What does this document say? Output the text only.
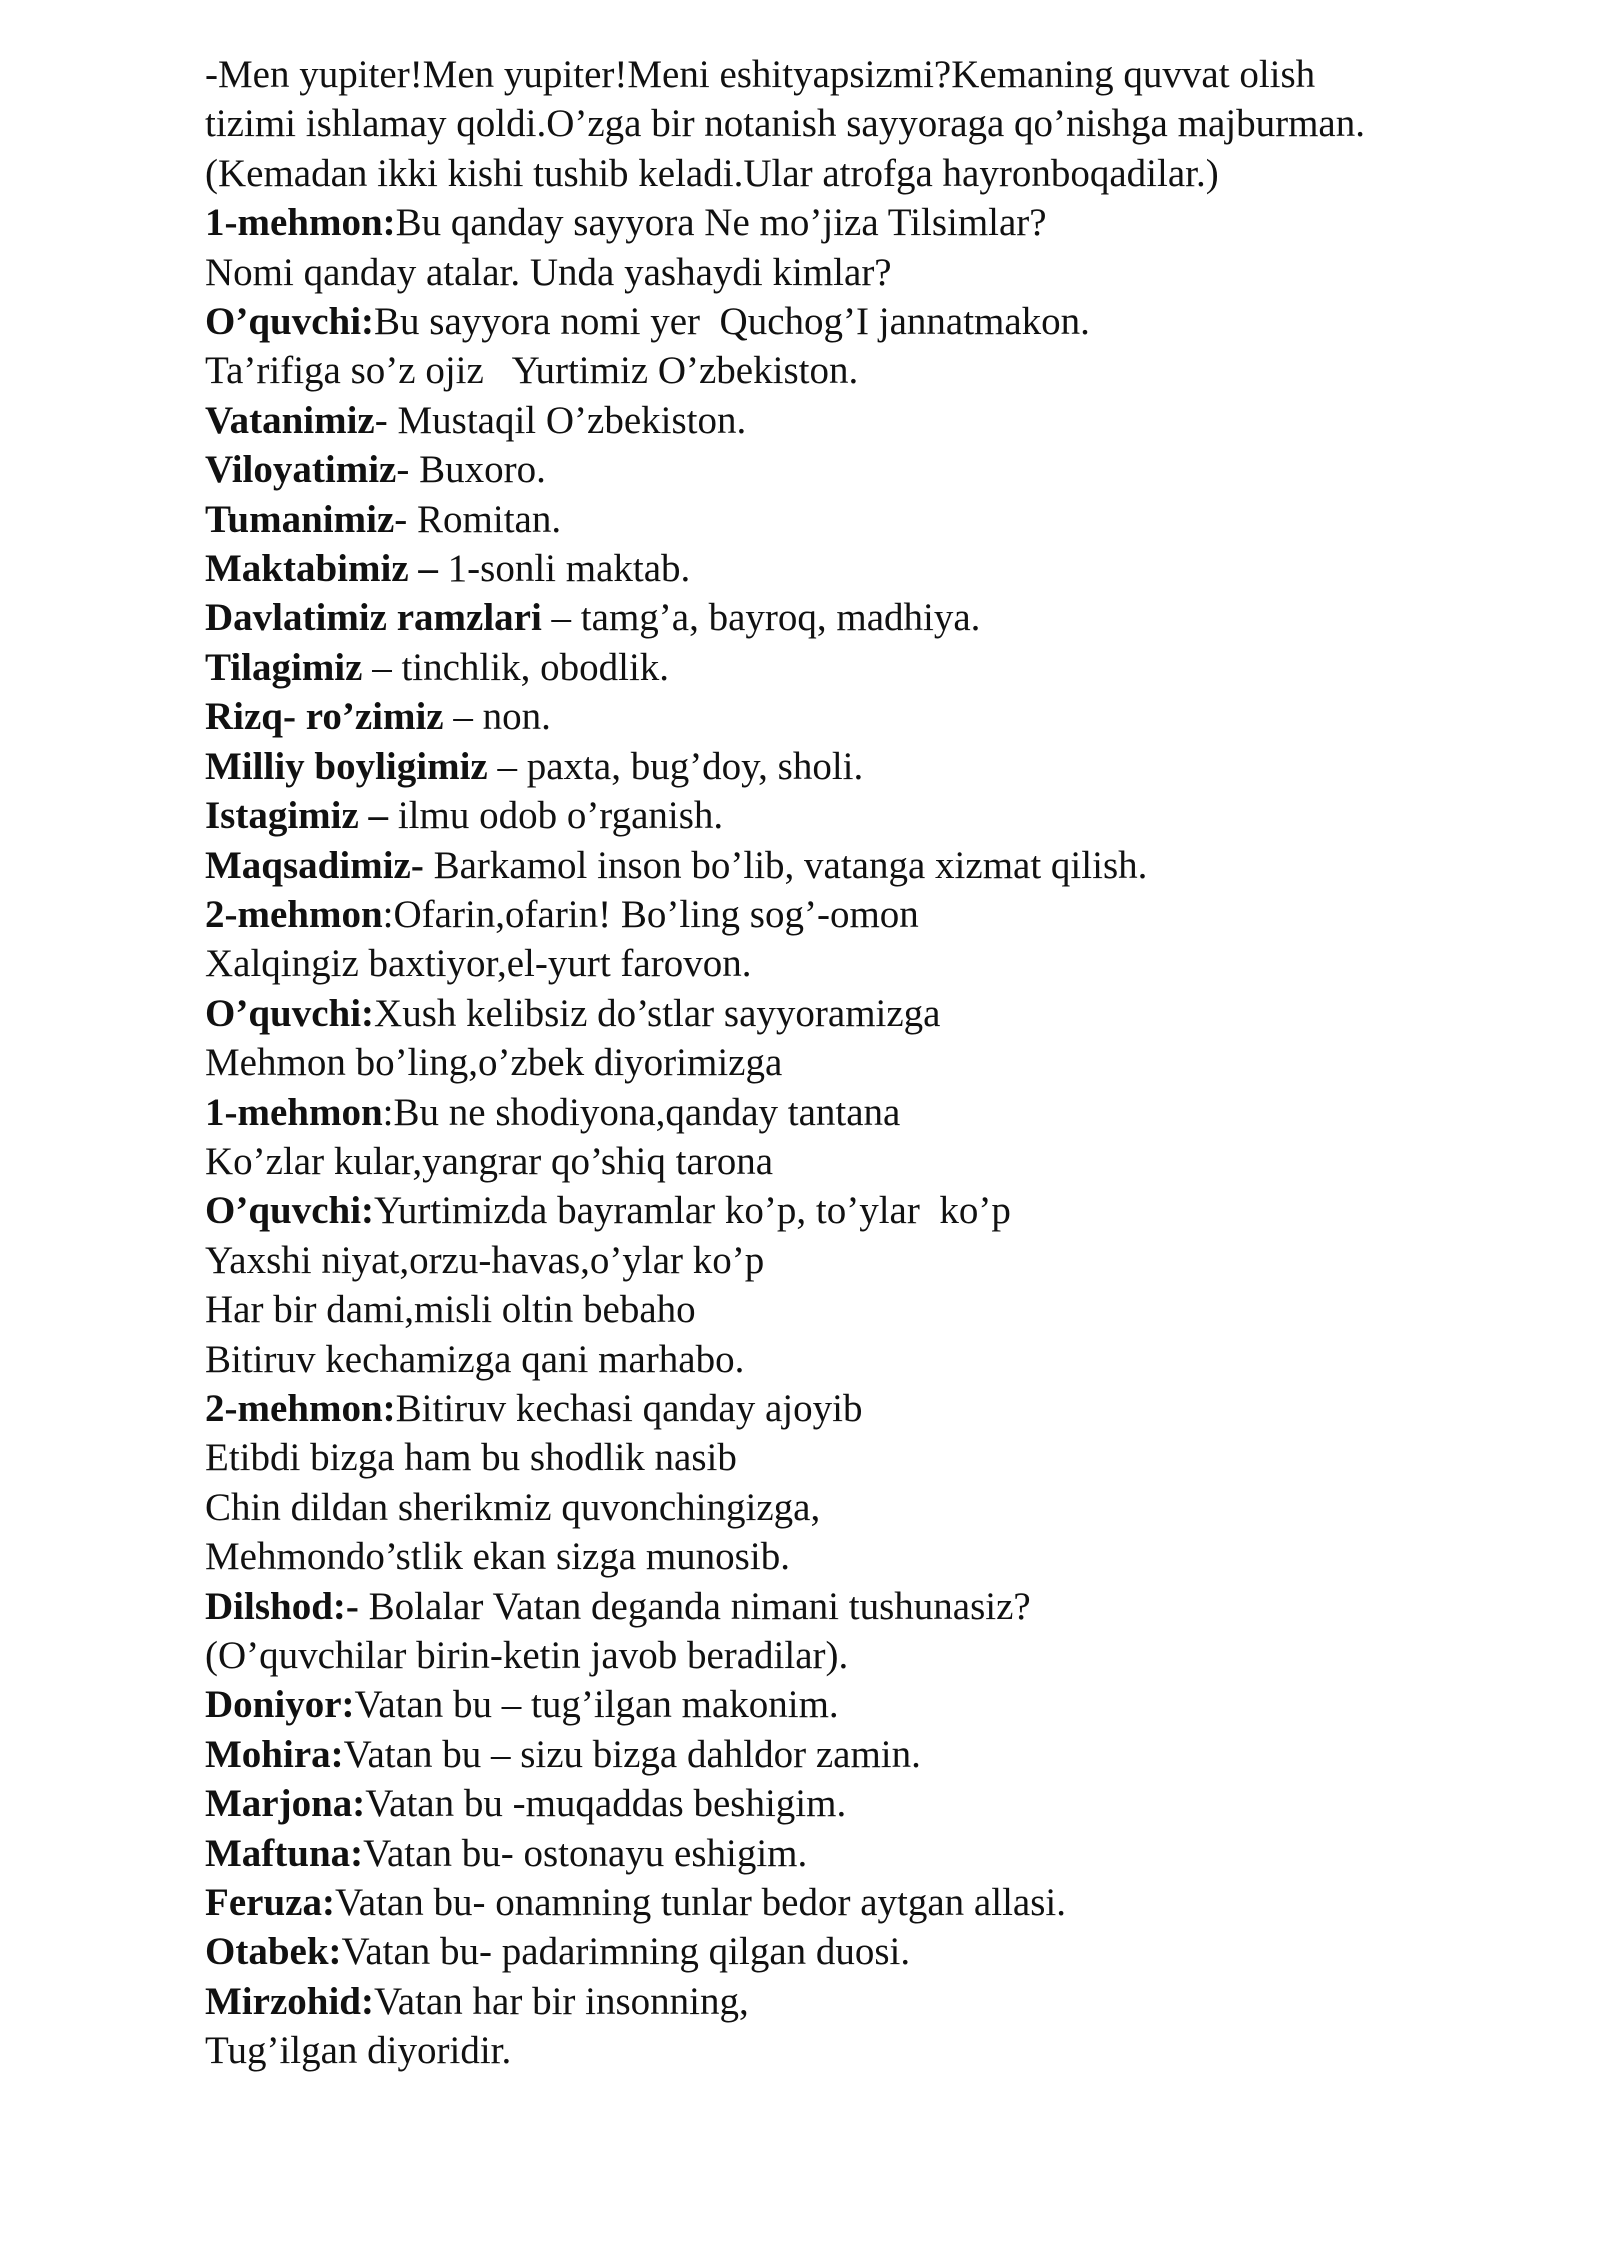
-Men yupiter!Men yupiter!Meni eshityapsizmi?Kemaning quvvat olish

tizimi ishlamay qoldi.O’zga bir notanish sayyoraga qo’nishga majburman.

(Kemadan ikki kishi tushib keladi.Ular atrofga hayronboqadilar.)

1-mehmon:Bu qanday sayyora Ne mo’jiza Tilsimlar?

Nomi qanday atalar. Unda yashaydi kimlar?

O’quvchi:Bu sayyora nomi yer  Quchog’I jannatmakon.

Ta’rifiga so’z ojiz   Yurtimiz O’zbekiston.

Vatanimiz- Mustaqil O’zbekiston.

Viloyatimiz- Buxoro.

Tumanimiz- Romitan.

Maktabimiz – 1-sonli maktab.

Davlatimiz ramzlari – tamg’a, bayroq, madhiya.

Tilagimiz – tinchlik, obodlik.

Rizq- ro’zimiz – non.

Milliy boyligimiz – paxta, bug’doy, sholi.

Istagimiz – ilmu odob o’rganish.

Maqsadimiz- Barkamol inson bo’lib, vatanga xizmat qilish.

2-mehmon:Ofarin,ofarin! Bo’ling sog’-omon

Xalqingiz baxtiyor,el-yurt farovon.

O’quvchi:Xush kelibsiz do’stlar sayyoramizga

Mehmon bo’ling,o’zbek diyorimizga

1-mehmon:Bu ne shodiyona,qanday tantana

Ko’zlar kular,yangrar qo’shiq tarona

O’quvchi:Yurtimizda bayramlar ko’p, to’ylar  ko’p

Yaxshi niyat,orzu-havas,o’ylar ko’p

Har bir dami,misli oltin bebaho

Bitiruv kechamizga qani marhabo.

2-mehmon:Bitiruv kechasi qanday ajoyib

Etibdi bizga ham bu shodlik nasib

Chin dildan sherikmiz quvonchingizga,

Mehmondo’stlik ekan sizga munosib.

Dilshod:- Bolalar Vatan deganda nimani tushunasiz?

(O’quvchilar birin-ketin javob beradilar).

Doniyor:Vatan bu – tug’ilgan makonim.

Mohira:Vatan bu – sizu bizga dahldor zamin.

Marjona:Vatan bu -muqaddas beshigim.

Maftuna:Vatan bu- ostonayu eshigim.

Feruza:Vatan bu- onamning tunlar bedor aytgan allasi.

Otabek:Vatan bu- padarimning qilgan duosi.

Mirzohid:Vatan har bir insonning,

Tug’ilgan diyoridir.
